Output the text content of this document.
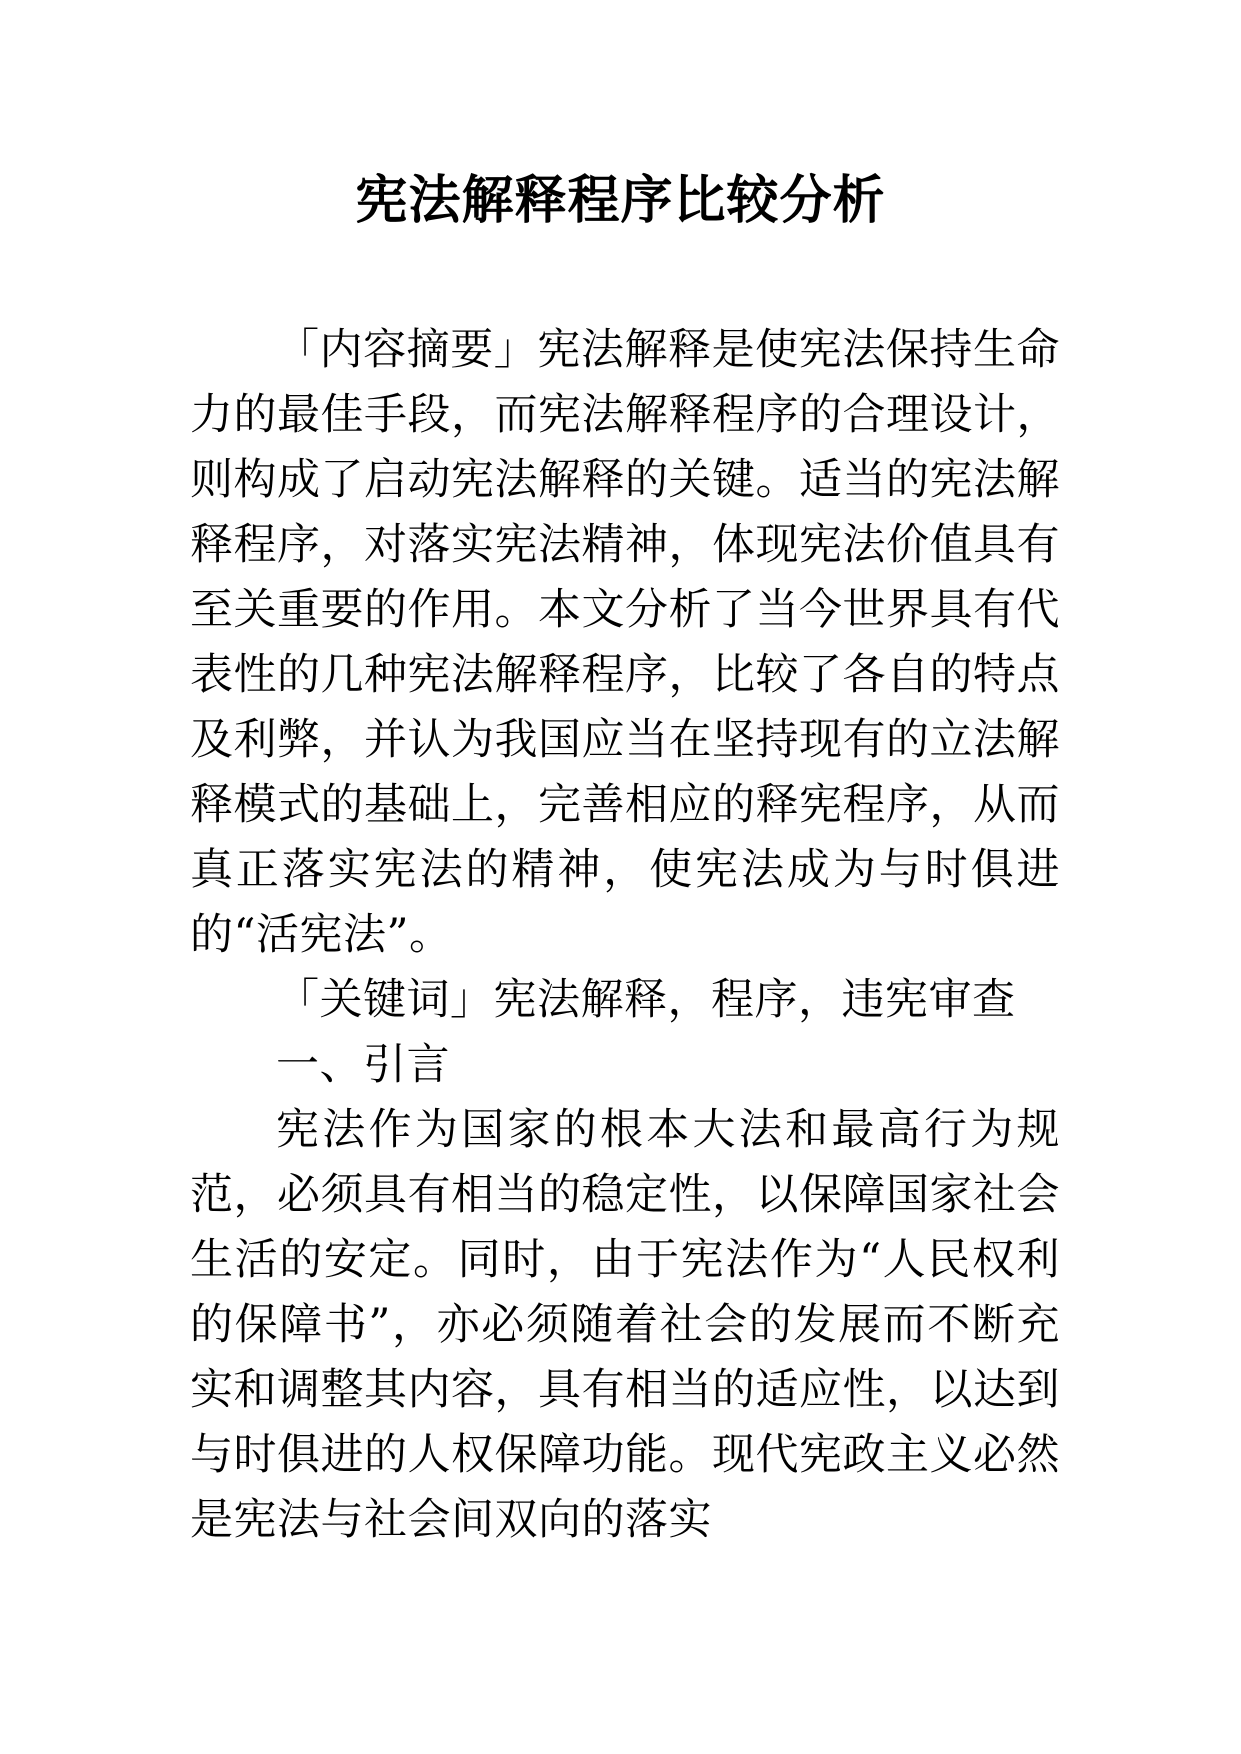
宪法解释程序比较分析

「内容摘要」宪法解释是使宪法保持生命力的最佳手段，而宪法解释程序的合理设计，则构成了启动宪法解释的关键。适当的宪法解释程序，对落实宪法精神，体现宪法价值具有至关重要的作用。本文分析了当今世界具有代表性的几种宪法解释程序，比较了各自的特点及利弊，并认为我国应当在坚持现有的立法解释模式的基础上，完善相应的释宪程序，从而真正落实宪法的精神，使宪法成为与时俱进的“活宪法”。

「关键词」宪法解释，程序，违宪审查

一、引言

宪法作为国家的根本大法和最高行为规范，必须具有相当的稳定性，以保障国家社会生活的安定。同时，由于宪法作为“人民权利的保障书”，亦必须随着社会的发展而不断充实和调整其内容，具有相当的适应性，以达到与时俱进的人权保障功能。现代宪政主义必然是宪法与社会间双向的落实
